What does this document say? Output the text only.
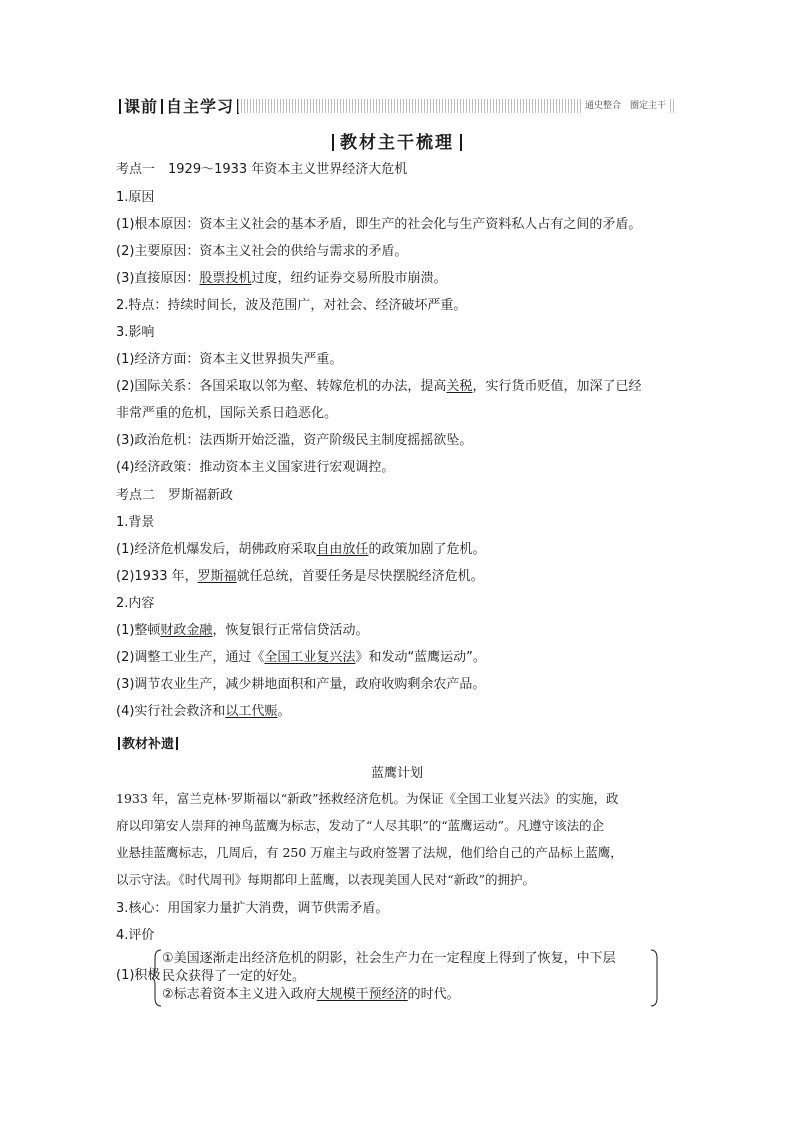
课前 自主学习	通史整合　圈定主干
教材主干梳理
考点一　1929～1933 年资本主义世界经济大危机
1.原因
(1)根本原因：资本主义社会的基本矛盾，即生产的社会化与生产资料私人占有之间的矛盾。
(2)主要原因：资本主义社会的供给与需求的矛盾。
(3)直接原因：股票投机过度，纽约证券交易所股市崩溃。
2.特点：持续时间长，波及范围广，对社会、经济破坏严重。
3.影响
(1)经济方面：资本主义世界损失严重。
(2)国际关系：各国采取以邻为壑、转嫁危机的办法，提高关税，实行货币贬值，加深了已经
非常严重的危机，国际关系日趋恶化。
(3)政治危机：法西斯开始泛滥，资产阶级民主制度摇摇欲坠。
(4)经济政策：推动资本主义国家进行宏观调控。
考点二　罗斯福新政
1.背景
(1)经济危机爆发后，胡佛政府采取自由放任的政策加剧了危机。
(2)1933 年，罗斯福就任总统，首要任务是尽快摆脱经济危机。
2.内容
(1)整顿财政金融，恢复银行正常信贷活动。
(2)调整工业生产，通过《全国工业复兴法》和发动“蓝鹰运动”。
(3)调节农业生产，减少耕地面积和产量，政府收购剩余农产品。
(4)实行社会救济和以工代赈。
教材补遗
蓝鹰计划
1933 年，富兰克林·罗斯福以“新政”拯救经济危机。为保证《全国工业复兴法》的实施，政
府以印第安人崇拜的神鸟蓝鹰为标志，发动了“人尽其职”的“蓝鹰运动”。凡遵守该法的企
业悬挂蓝鹰标志，几周后，有 250 万雇主与政府签署了法规，他们给自己的产品标上蓝鹰，
以示守法。《时代周刊》每期都印上蓝鹰，以表现美国人民对“新政”的拥护。
3.核心：用国家力量扩大消费，调节供需矛盾。
4.评价
(1)积极
①美国逐渐走出经济危机的阴影，社会生产力在一定程度上得到了恢复，中下层
民众获得了一定的好处。
②标志着资本主义进入政府大规模干预经济的时代。
